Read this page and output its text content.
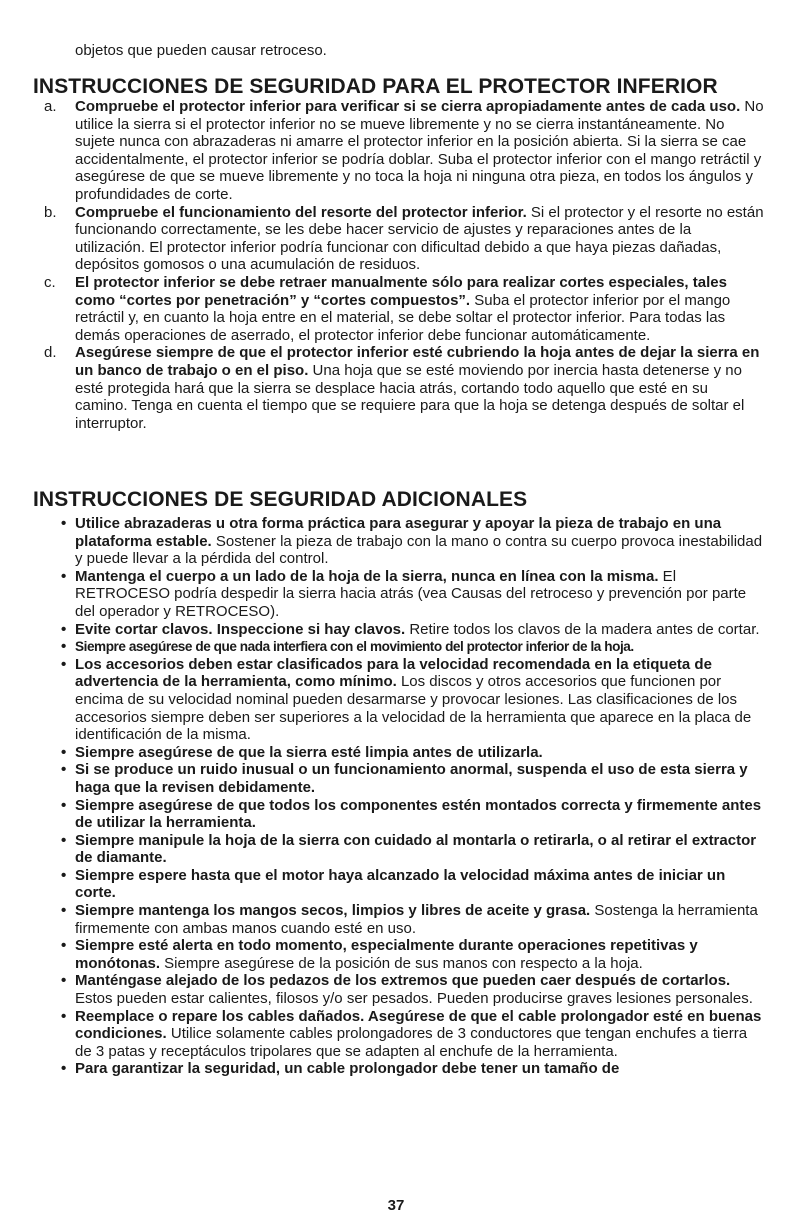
objetos que pueden causar retroceso.
INSTRUCCIONES DE SEGURIDAD PARA EL PROTECTOR INFERIOR
a. Compruebe el protector inferior para verificar si se cierra apropiadamente antes de cada uso. No utilice la sierra si el protector inferior no se mueve libremente y no se cierra instantáneamente. No sujete nunca con abrazaderas ni amarre el protector inferior en la posición abierta. Si la sierra se cae accidentalmente, el protector inferior se podría doblar. Suba el protector inferior con el mango retráctil y asegúrese de que se mueve libremente y no toca la hoja ni ninguna otra pieza, en todos los ángulos y profundidades de corte.
b. Compruebe el funcionamiento del resorte del protector inferior. Si el protector y el resorte no están funcionando correctamente, se les debe hacer servicio de ajustes y reparaciones antes de la utilización. El protector inferior podría funcionar con dificultad debido a que haya piezas dañadas, depósitos gomosos o una acumulación de residuos.
c. El protector inferior se debe retraer manualmente sólo para realizar cortes especiales, tales como “cortes por penetración” y “cortes compuestos”. Suba el protector inferior por el mango retráctil y, en cuanto la hoja entre en el material, se debe soltar el protector inferior. Para todas las demás operaciones de aserrado, el protector inferior debe funcionar automáticamente.
d. Asegúrese siempre de que el protector inferior esté cubriendo la hoja antes de dejar la sierra en un banco de trabajo o en el piso. Una hoja que se esté moviendo por inercia hasta detenerse y no esté protegida hará que la sierra se desplace hacia atrás, cortando todo aquello que esté en su camino. Tenga en cuenta el tiempo que se requiere para que la hoja se detenga después de soltar el interruptor.
INSTRUCCIONES DE SEGURIDAD ADICIONALES
• Utilice abrazaderas u otra forma práctica para asegurar y apoyar la pieza de trabajo en una plataforma estable. Sostener la pieza de trabajo con la mano o contra su cuerpo provoca inestabilidad y puede llevar a la pérdida del control.
• Mantenga el cuerpo a un lado de la hoja de la sierra, nunca en línea con la misma. El RETROCESO podría despedir la sierra hacia atrás (vea Causas del retroceso y prevención por parte del operador y RETROCESO).
• Evite cortar clavos. Inspeccione si hay clavos. Retire todos los clavos de la madera antes de cortar.
• Siempre asegúrese de que nada interfiera con el movimiento del protector inferior de la hoja.
• Los accesorios deben estar clasificados para la velocidad recomendada en la etiqueta de advertencia de la herramienta, como mínimo. Los discos y otros accesorios que funcionen por encima de su velocidad nominal pueden desarmarse y provocar lesiones. Las clasificaciones de los accesorios siempre deben ser superiores a la velocidad de la herramienta que aparece en la placa de identificación de la misma.
• Siempre asegúrese de que la sierra esté limpia antes de utilizarla.
• Si se produce un ruido inusual o un funcionamiento anormal, suspenda el uso de esta sierra y haga que la revisen debidamente.
• Siempre asegúrese de que todos los componentes estén montados correcta y firmemente antes de utilizar la herramienta.
• Siempre manipule la hoja de la sierra con cuidado al montarla o retirarla, o al retirar el extractor de diamante.
• Siempre espere hasta que el motor haya alcanzado la velocidad máxima antes de iniciar un corte.
• Siempre mantenga los mangos secos, limpios y libres de aceite y grasa. Sostenga la herramienta firmemente con ambas manos cuando esté en uso.
• Siempre esté alerta en todo momento, especialmente durante operaciones repetitivas y monótonas. Siempre asegúrese de la posición de sus manos con respecto a la hoja.
• Manténgase alejado de los pedazos de los extremos que pueden caer después de cortarlos. Estos pueden estar calientes, filosos y/o ser pesados. Pueden producirse graves lesiones personales.
• Reemplace o repare los cables dañados. Asegúrese de que el cable prolongador esté en buenas condiciones. Utilice solamente cables prolongadores de 3 conductores que tengan enchufes a tierra de 3 patas y receptáculos tripolares que se adapten al enchufe de la herramienta.
• Para garantizar la seguridad, un cable prolongador debe tener un tamaño de
37
